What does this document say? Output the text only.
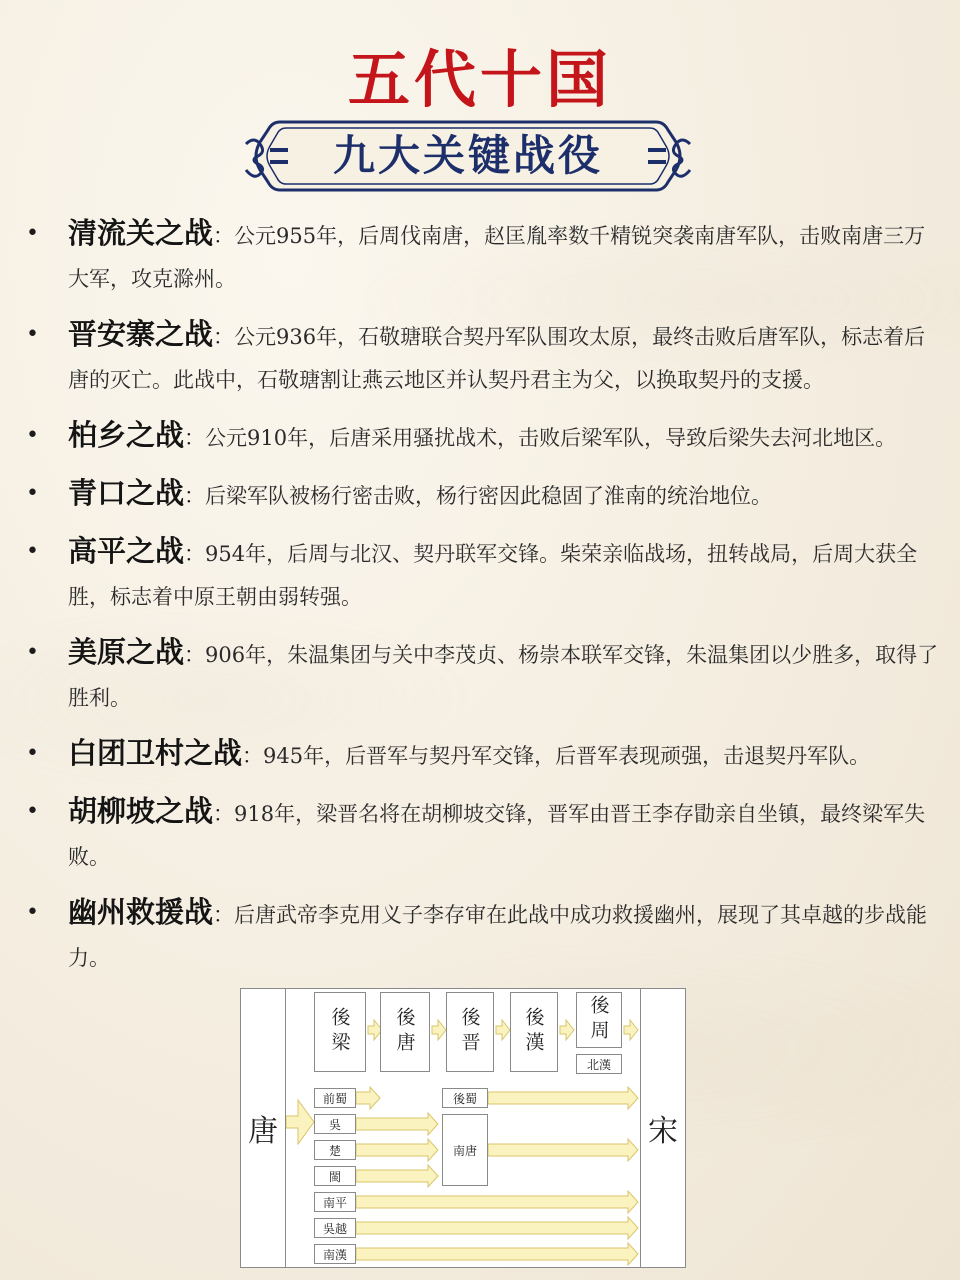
五代十国
九大关键战役
• 清流关之战：公元955年，后周伐南唐，赵匡胤率数千精锐突袭南唐军队，击败南唐三万大军，攻克滁州。
• 晋安寨之战：公元936年，石敬瑭联合契丹军队围攻太原，最终击败后唐军队，标志着后唐的灭亡。此战中，石敬瑭割让燕云地区并认契丹君主为父，以换取契丹的支援。
• 柏乡之战：公元910年，后唐采用骚扰战术，击败后梁军队，导致后梁失去河北地区。
• 青口之战：后梁军队被杨行密击败，杨行密因此稳固了淮南的统治地位。
• 高平之战：954年，后周与北汉、契丹联军交锋。柴荣亲临战场，扭转战局，后周大获全胜，标志着中原王朝由弱转强。
• 美原之战：906年，朱温集团与关中李茂贞、杨崇本联军交锋，朱温集团以少胜多，取得了胜利。
• 白团卫村之战：945年，后晋军与契丹军交锋，后晋军表现顽强，击退契丹军队。
• 胡柳坡之战：918年，梁晋名将在胡柳坡交锋，晋军由晋王李存勖亲自坐镇，最终梁军失败。
• 幽州救援战：后唐武帝李克用义子李存审在此战中成功救援幽州，展现了其卓越的步战能力。
唐	宋
後梁	後唐	後晋	後漢	後周
北漢
前蜀
吳
楚
閩
南平
吳越
南漢
後蜀
南唐
